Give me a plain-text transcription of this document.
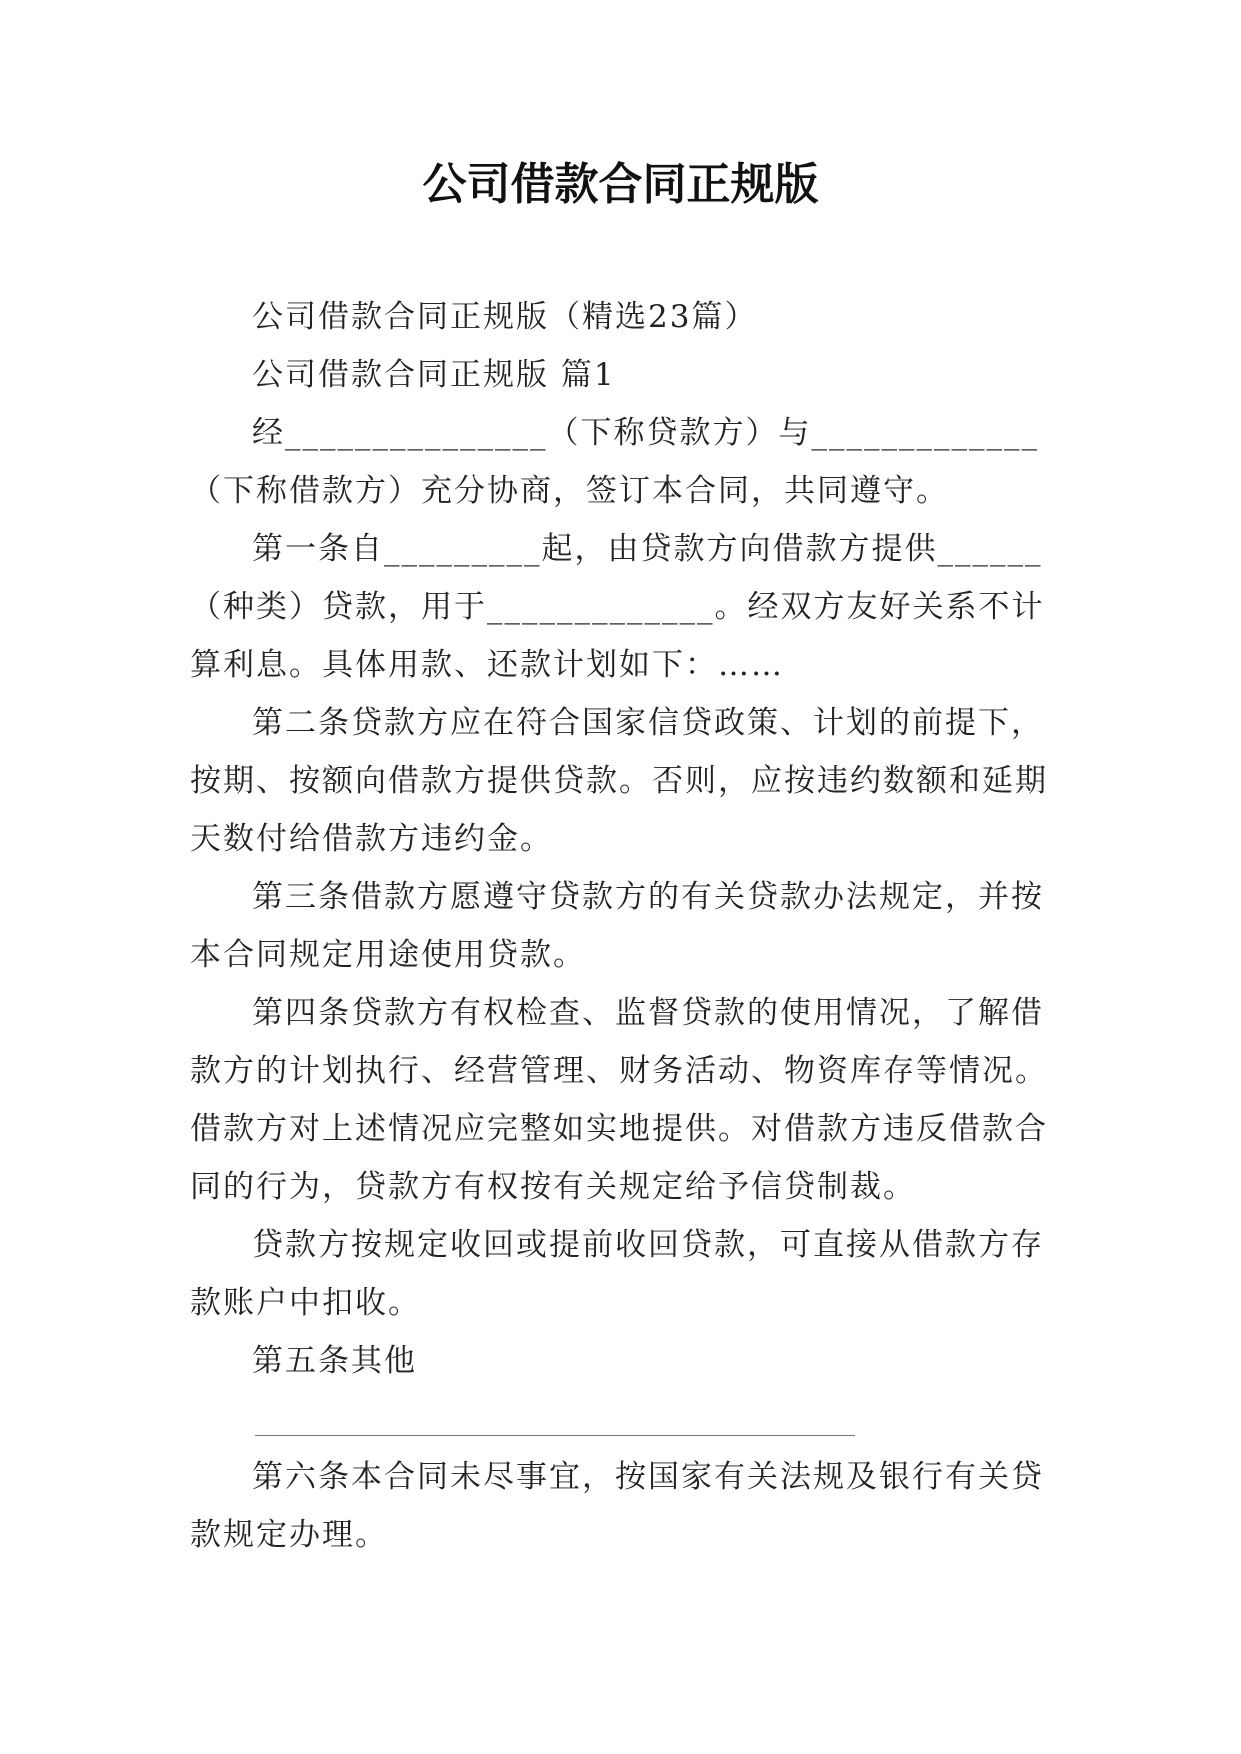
公司借款合同正规版

公司借款合同正规版（精选23篇）

公司借款合同正规版 篇1

经_______________（下称贷款方）与_____________（下称借款方）充分协商，签订本合同，共同遵守。

第一条自_________起，由贷款方向借款方提供______（种类）贷款，用于_____________。经双方友好关系不计算利息。具体用款、还款计划如下：……

第二条贷款方应在符合国家信贷政策、计划的前提下，按期、按额向借款方提供贷款。否则，应按违约数额和延期天数付给借款方违约金。

第三条借款方愿遵守贷款方的有关贷款办法规定，并按本合同规定用途使用贷款。

第四条贷款方有权检查、监督贷款的使用情况，了解借款方的计划执行、经营管理、财务活动、物资库存等情况。借款方对上述情况应完整如实地提供。对借款方违反借款合同的行为，贷款方有权按有关规定给予信贷制裁。

贷款方按规定收回或提前收回贷款，可直接从借款方存款账户中扣收。

第五条其他

第六条本合同未尽事宜，按国家有关法规及银行有关贷款规定办理。
